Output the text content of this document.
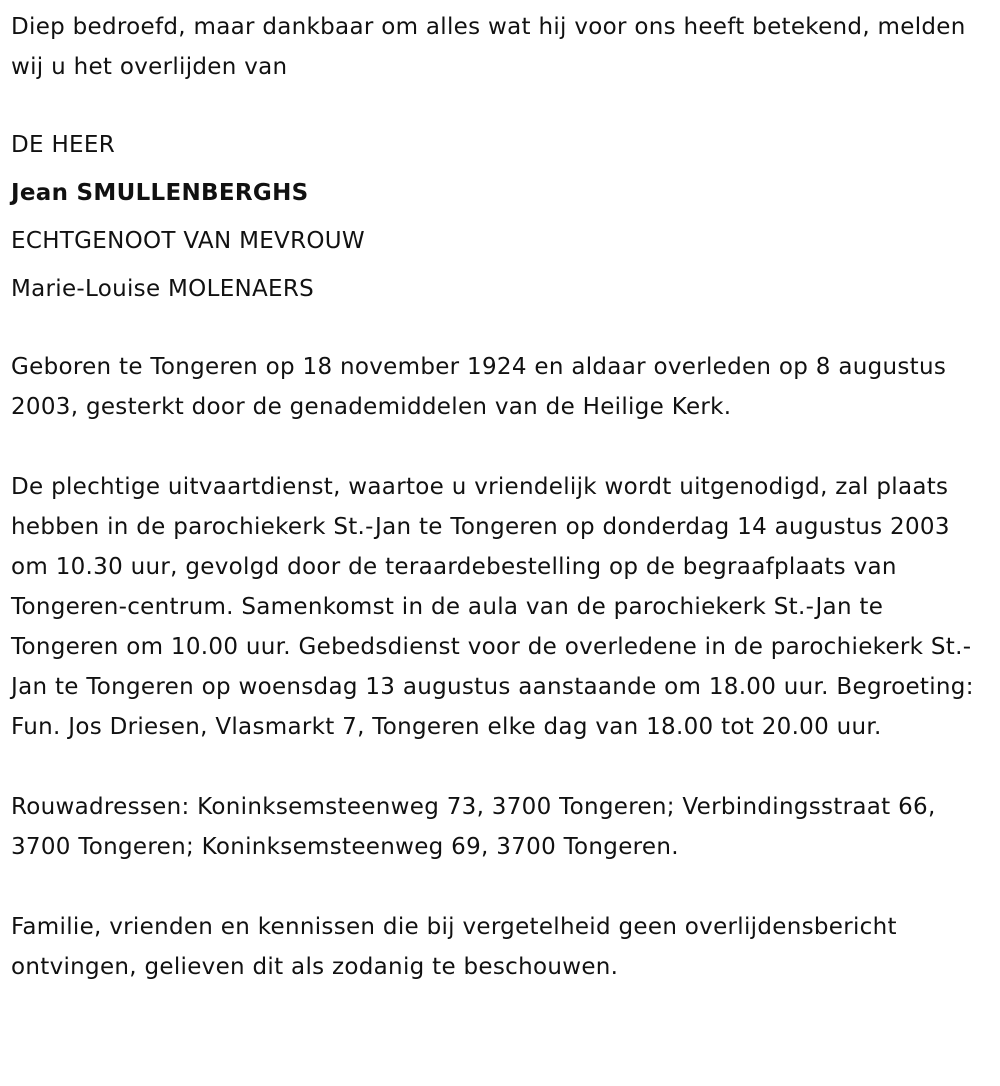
Diep bedroefd, maar dankbaar om alles wat hij voor ons heeft betekend, melden wij u het overlijden van

DE HEER

Jean SMULLENBERGHS

ECHTGENOOT VAN MEVROUW

Marie-Louise MOLENAERS

Geboren te Tongeren op 18 november 1924 en aldaar overleden op 8 augustus 2003, gesterkt door de genademiddelen van de Heilige Kerk.

De plechtige uitvaartdienst, waartoe u vriendelijk wordt uitgenodigd, zal plaats hebben in de parochiekerk St.-Jan te Tongeren op donderdag 14 augustus 2003 om 10.30 uur, gevolgd door de teraardebestelling op de begraafplaats van Tongeren-centrum. Samenkomst in de aula van de parochiekerk St.-Jan te Tongeren om 10.00 uur. Gebedsdienst voor de overledene in de parochiekerk St.-Jan te Tongeren op woensdag 13 augustus aanstaande om 18.00 uur. Begroeting: Fun. Jos Driesen, Vlasmarkt 7, Tongeren elke dag van 18.00 tot 20.00 uur.

Rouwadressen: Koninksemsteenweg 73, 3700 Tongeren; Verbindingsstraat 66, 3700 Tongeren; Koninksemsteenweg 69, 3700 Tongeren.

Familie, vrienden en kennissen die bij vergetelheid geen overlijdensbericht ontvingen, gelieven dit als zodanig te beschouwen.
